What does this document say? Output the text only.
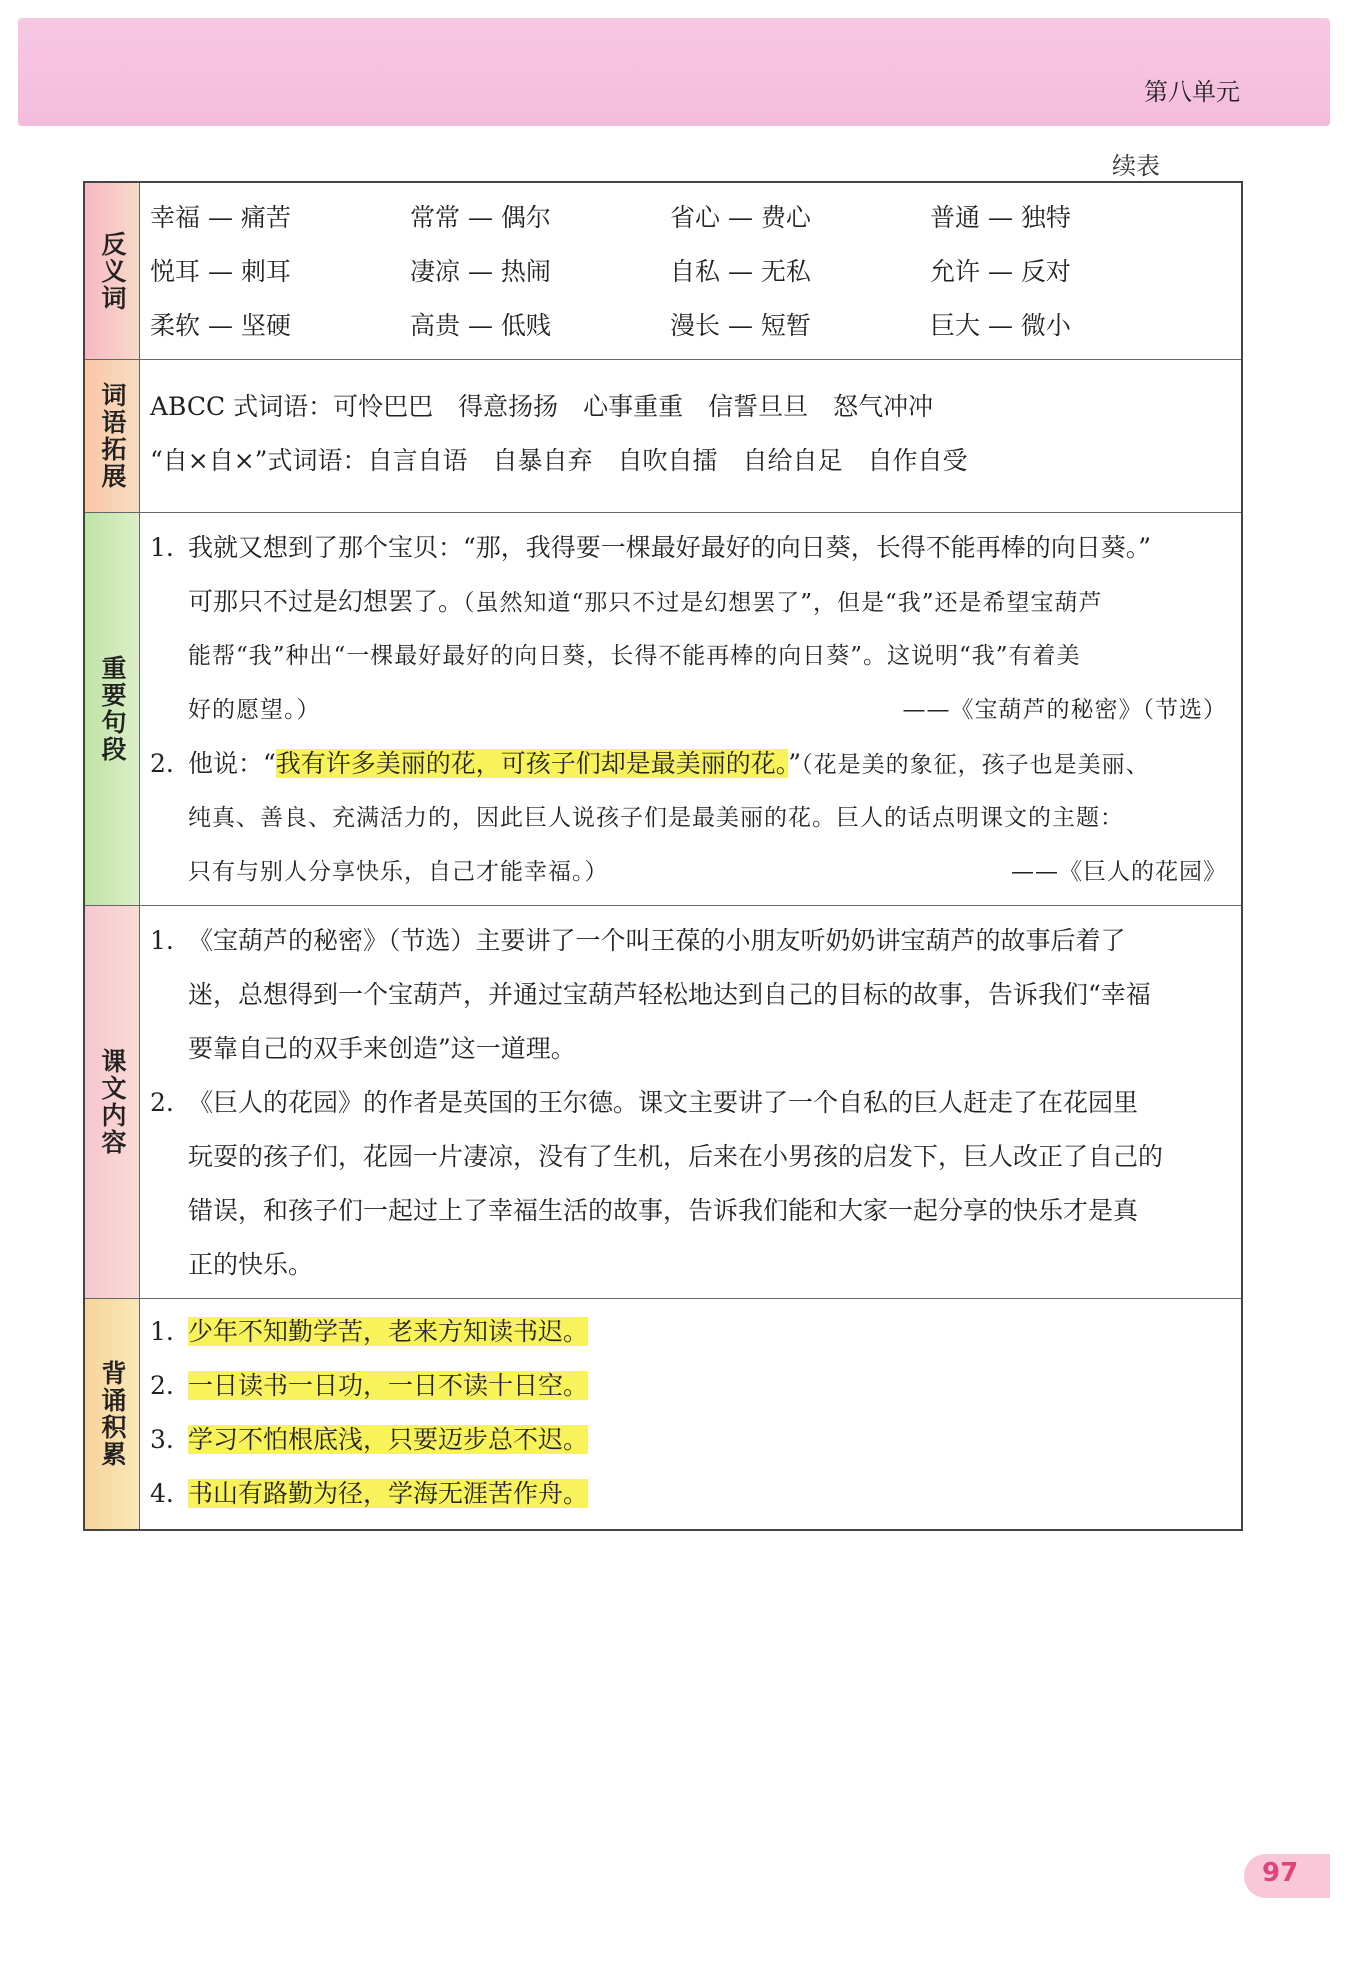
第八单元
续表
反义词
幸福 — 痛苦	常常 — 偶尔	省心 — 费心	普通 — 独特
悦耳 — 刺耳	凄凉 — 热闹	自私 — 无私	允许 — 反对
柔软 — 坚硬	高贵 — 低贱	漫长 — 短暂	巨大 — 微小
词语拓展 ABCC 式词语：可怜巴巴　得意扬扬　心事重重　信誓旦旦　怒气冲冲
“自×自×”式词语：自言自语　自暴自弃　自吹自擂　自给自足　自作自受
重要句段
1. 我就又想到了那个宝贝：“那，我得要一棵最好最好的向日葵，长得不能再棒的向日葵。”
可那只不过是幻想罢了。（虽然知道“那只不过是幻想罢了”，但是“我”还是希望宝葫芦
能帮“我”种出“一棵最好最好的向日葵，长得不能再棒的向日葵”。这说明“我”有着美
好的愿望。）	——《宝葫芦的秘密》（节选）
2. 他说：“我有许多美丽的花，可孩子们却是最美丽的花。”（花是美的象征，孩子也是美丽、
纯真、善良、充满活力的，因此巨人说孩子们是最美丽的花。巨人的话点明课文的主题：
只有与别人分享快乐，自己才能幸福。）	——《巨人的花园》
课文内容
1. 《宝葫芦的秘密》（节选）主要讲了一个叫王葆的小朋友听奶奶讲宝葫芦的故事后着了
迷，总想得到一个宝葫芦，并通过宝葫芦轻松地达到自己的目标的故事，告诉我们“幸福
要靠自己的双手来创造”这一道理。
2. 《巨人的花园》的作者是英国的王尔德。课文主要讲了一个自私的巨人赶走了在花园里
玩耍的孩子们，花园一片凄凉，没有了生机，后来在小男孩的启发下，巨人改正了自己的
错误，和孩子们一起过上了幸福生活的故事，告诉我们能和大家一起分享的快乐才是真
正的快乐。
背诵积累
1. 少年不知勤学苦，老来方知读书迟。
2. 一日读书一日功，一日不读十日空。
3. 学习不怕根底浅，只要迈步总不迟。
4. 书山有路勤为径，学海无涯苦作舟。
97
